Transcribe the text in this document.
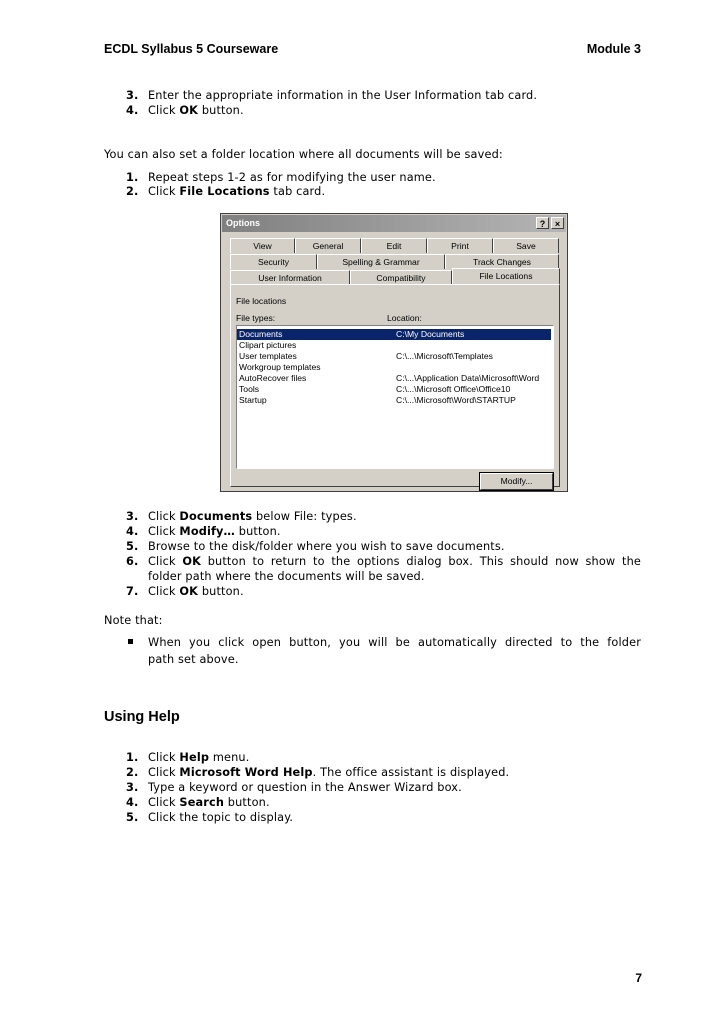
ECDL Syllabus 5 Courseware	Module 3
3. Enter the appropriate information in the User Information tab card.
4. Click OK button.
You can also set a folder location where all documents will be saved:
1. Repeat steps 1-2 as for modifying the user name.
2. Click File Locations tab card.
Options	?	×
View	General	Edit	Print	Save
Security	Spelling & Grammar	Track Changes
User Information	Compatibility	File Locations
File locations
File types:	Location:
Documents	C:\My Documents
Clipart pictures
User templates	C:\...\Microsoft\Templates
Workgroup templates
AutoRecover files	C:\...\Application Data\Microsoft\Word
Tools	C:\...\Microsoft Office\Office10
Startup	C:\...\Microsoft\Word\STARTUP
Modify...
3. Click Documents below File: types.
4. Click Modify… button.
5. Browse to the disk/folder where you wish to save documents.
6. Click OK button to return to the options dialog box. This should now show the
folder path where the documents will be saved.
7. Click OK button.
Note that:
When you click open button, you will be automatically directed to the folder
path set above.
Using Help
1. Click Help menu.
2. Click Microsoft Word Help. The office assistant is displayed.
3. Type a keyword or question in the Answer Wizard box.
4. Click Search button.
5. Click the topic to display.
7
